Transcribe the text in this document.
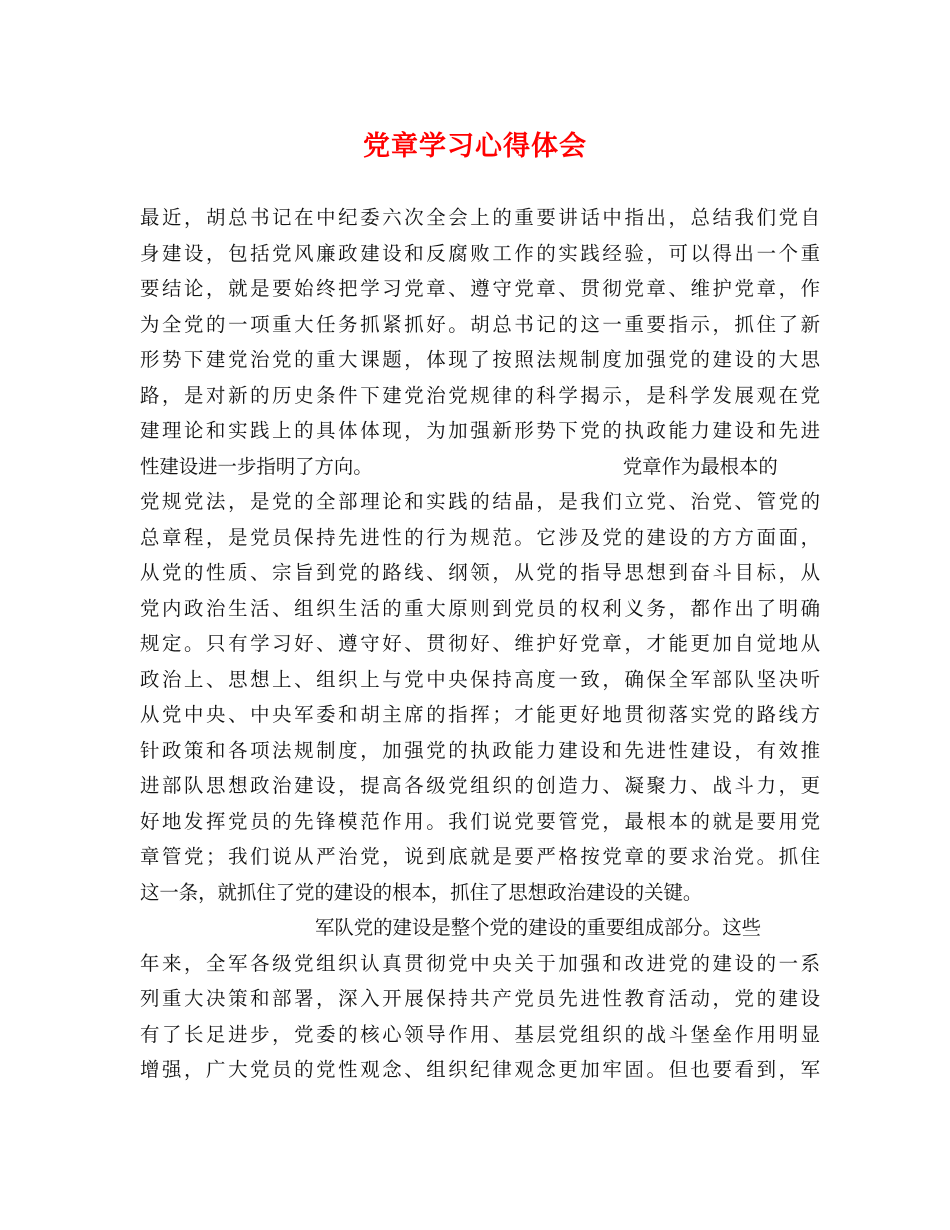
党章学习心得体会
最近，胡总书记在中纪委六次全会上的重要讲话中指出，总结我们党自
身建设，包括党风廉政建设和反腐败工作的实践经验，可以得出一个重
要结论，就是要始终把学习党章、遵守党章、贯彻党章、维护党章，作
为全党的一项重大任务抓紧抓好。胡总书记的这一重要指示，抓住了新
形势下建党治党的重大课题，体现了按照法规制度加强党的建设的大思
路，是对新的历史条件下建党治党规律的科学揭示，是科学发展观在党
建理论和实践上的具体体现，为加强新形势下党的执政能力建设和先进
性建设进一步指明了方向。	党章作为最根本的
党规党法，是党的全部理论和实践的结晶，是我们立党、治党、管党的
总章程，是党员保持先进性的行为规范。它涉及党的建设的方方面面，
从党的性质、宗旨到党的路线、纲领，从党的指导思想到奋斗目标，从
党内政治生活、组织生活的重大原则到党员的权利义务，都作出了明确
规定。只有学习好、遵守好、贯彻好、维护好党章，才能更加自觉地从
政治上、思想上、组织上与党中央保持高度一致，确保全军部队坚决听
从党中央、中央军委和胡主席的指挥；才能更好地贯彻落实党的路线方
针政策和各项法规制度，加强党的执政能力建设和先进性建设，有效推
进部队思想政治建设，提高各级党组织的创造力、凝聚力、战斗力，更
好地发挥党员的先锋模范作用。我们说党要管党，最根本的就是要用党
章管党；我们说从严治党，说到底就是要严格按党章的要求治党。抓住
这一条，就抓住了党的建设的根本，抓住了思想政治建设的关键。
军队党的建设是整个党的建设的重要组成部分。这些
年来，全军各级党组织认真贯彻党中央关于加强和改进党的建设的一系
列重大决策和部署，深入开展保持共产党员先进性教育活动，党的建设
有了长足进步，党委的核心领导作用、基层党组织的战斗堡垒作用明显
增强，广大党员的党性观念、组织纪律观念更加牢固。但也要看到，军
